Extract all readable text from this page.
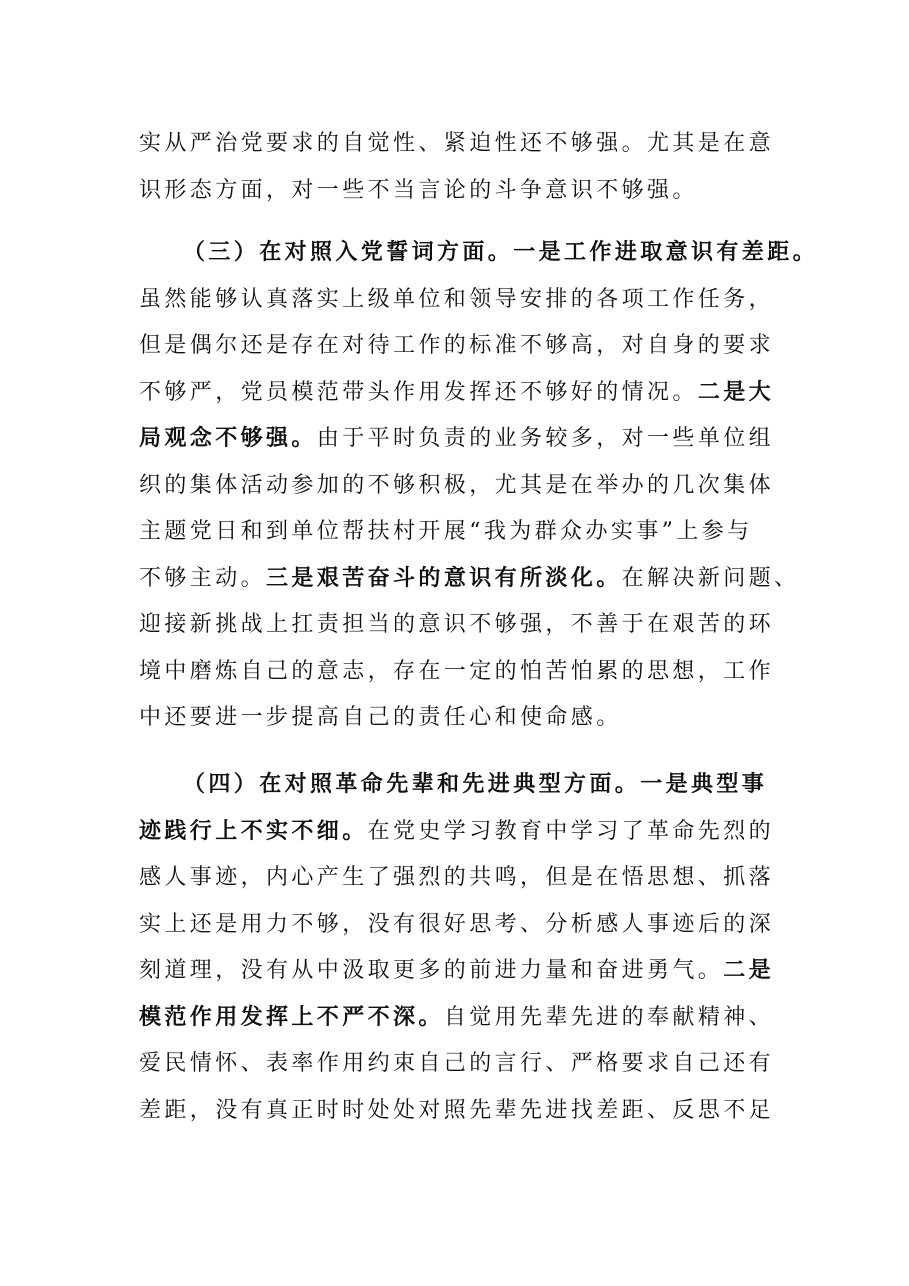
实从严治党要求的自觉性、紧迫性还不够强。尤其是在意
识形态方面，对一些不当言论的斗争意识不够强。
（三）在对照入党誓词方面。一是工作进取意识有差距。
虽然能够认真落实上级单位和领导安排的各项工作任务，
但是偶尔还是存在对待工作的标准不够高，对自身的要求
不够严，党员模范带头作用发挥还不够好的情况。二是大
局观念不够强。由于平时负责的业务较多，对一些单位组
织的集体活动参加的不够积极，尤其是在举办的几次集体
主题党日和到单位帮扶村开展“我为群众办实事”上参与
不够主动。三是艰苦奋斗的意识有所淡化。在解决新问题、
迎接新挑战上扛责担当的意识不够强，不善于在艰苦的环
境中磨炼自己的意志，存在一定的怕苦怕累的思想，工作
中还要进一步提高自己的责任心和使命感。
（四）在对照革命先辈和先进典型方面。一是典型事
迹践行上不实不细。在党史学习教育中学习了革命先烈的
感人事迹，内心产生了强烈的共鸣，但是在悟思想、抓落
实上还是用力不够，没有很好思考、分析感人事迹后的深
刻道理，没有从中汲取更多的前进力量和奋进勇气。二是
模范作用发挥上不严不深。自觉用先辈先进的奉献精神、
爱民情怀、表率作用约束自己的言行、严格要求自己还有
差距，没有真正时时处处对照先辈先进找差距、反思不足
